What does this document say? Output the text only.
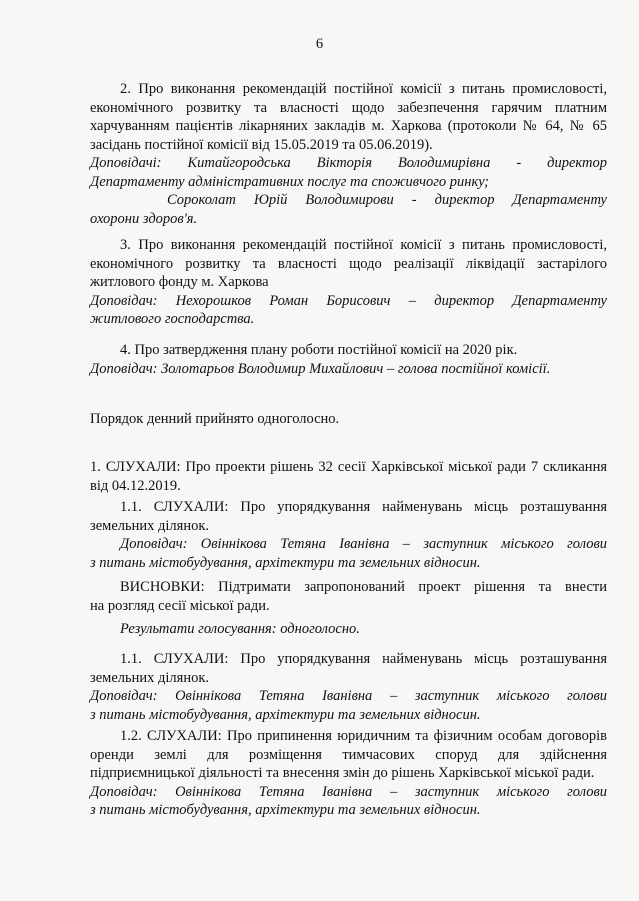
6

2. Про виконання рекомендацій постійної комісії з питань промисловості,

економічного розвитку та власності щодо забезпечення гарячим платним

харчуванням пацієнтів лікарняних закладів м. Харкова (протоколи № 64, № 65

засідань постійної комісії від 15.05.2019 та 05.06.2019).

Доповідачі: Китайгородська Вікторія Володимирівна - директор

Департаменту адміністративних послуг та споживчого ринку;

Сороколат Юрій Володимирови - директор Департаменту

охорони здоров'я.

3. Про виконання рекомендацій постійної комісії з питань промисловості,

економічного розвитку та власності щодо реалізації ліквідації застарілого

житлового фонду м. Харкова

Доповідач: Нехорошков Роман Борисович – директор Департаменту

житлового господарства.

4. Про затвердження плану роботи постійної комісії на 2020 рік.

Доповідач: Золотарьов Володимир Михайлович – голова постійної комісії.

Порядок денний прийнято одноголосно.

1. СЛУХАЛИ: Про проекти рішень 32 сесії Харківської міської ради 7 скликання

від 04.12.2019.

1.1. СЛУХАЛИ: Про упорядкування найменувань місць розташування

земельних ділянок.

Доповідач: Овіннікова Тетяна Іванівна – заступник міського голови

з питань містобудування, архітектури та земельних відносин.

ВИСНОВКИ: Підтримати запропонований проект рішення та внести

на розгляд сесії міської ради.

Результати голосування: одноголосно.

1.1. СЛУХАЛИ: Про упорядкування найменувань місць розташування

земельних ділянок.

Доповідач: Овіннікова Тетяна Іванівна – заступник міського голови

з питань містобудування, архітектури та земельних відносин.

1.2. СЛУХАЛИ: Про припинення юридичним та фізичним особам договорів

оренди землі для розміщення тимчасових споруд для здійснення

підприємницької діяльності та внесення змін до рішень Харківської міської ради.

Доповідач: Овіннікова Тетяна Іванівна – заступник міського голови

з питань містобудування, архітектури та земельних відносин.
